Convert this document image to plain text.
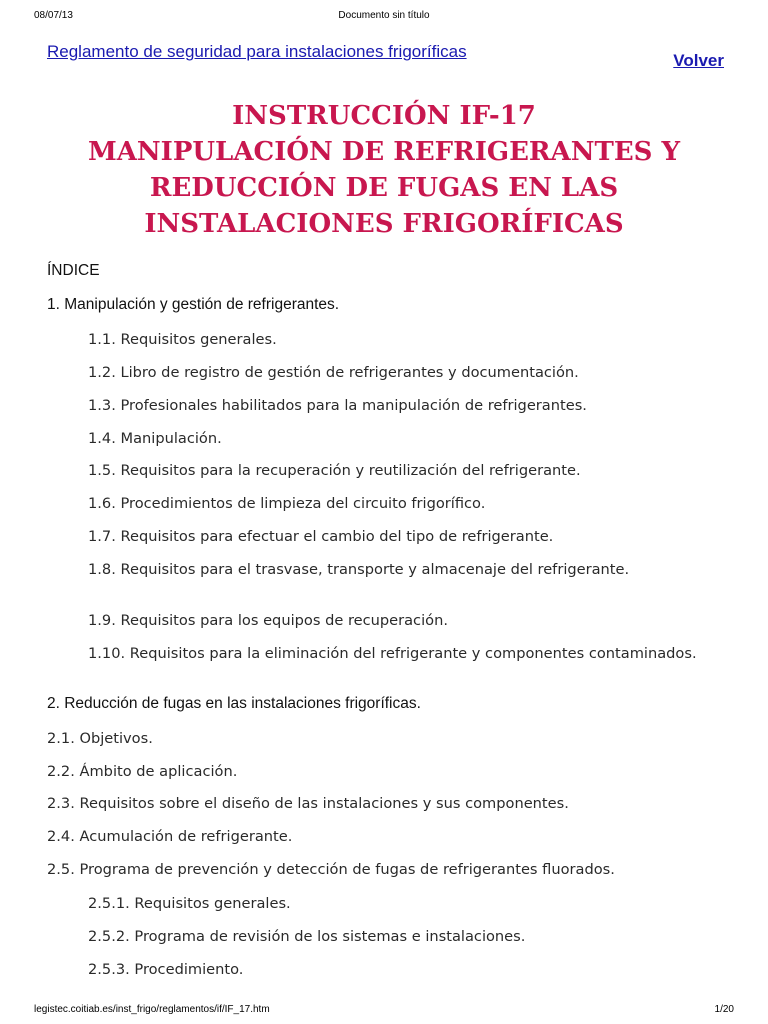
08/07/13	Documento sin título
Reglamento de seguridad para instalaciones frigoríficas	Volver
INSTRUCCIÓN IF-17
MANIPULACIÓN DE REFRIGERANTES Y
REDUCCIÓN DE FUGAS EN LAS
INSTALACIONES FRIGORÍFICAS
ÍNDICE
1. Manipulación y gestión de refrigerantes.
1.1. Requisitos generales.
1.2. Libro de registro de gestión de refrigerantes y documentación.
1.3. Profesionales habilitados para la manipulación de refrigerantes.
1.4. Manipulación.
1.5. Requisitos para la recuperación y reutilización del refrigerante.
1.6. Procedimientos de limpieza del circuito frigorífico.
1.7. Requisitos para efectuar el cambio del tipo de refrigerante.
1.8. Requisitos para el trasvase, transporte y almacenaje del refrigerante.
1.9. Requisitos para los equipos de recuperación.
1.10. Requisitos para la eliminación del refrigerante y componentes contaminados.
2. Reducción de fugas en las instalaciones frigoríficas.
2.1. Objetivos.
2.2. Ámbito de aplicación.
2.3. Requisitos sobre el diseño de las instalaciones y sus componentes.
2.4. Acumulación de refrigerante.
2.5. Programa de prevención y detección de fugas de refrigerantes fluorados.
2.5.1. Requisitos generales.
2.5.2. Programa de revisión de los sistemas e instalaciones.
2.5.3. Procedimiento.
legistec.coitiab.es/inst_frigo/reglamentos/if/IF_17.htm	1/20
